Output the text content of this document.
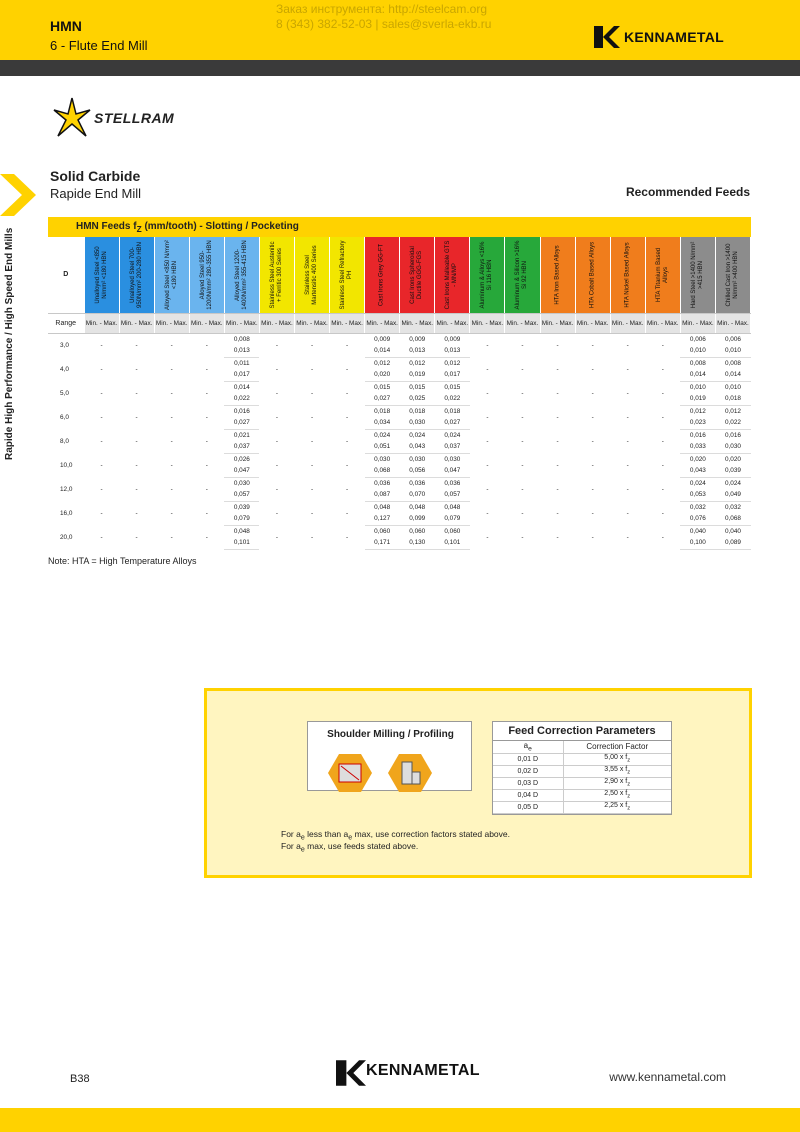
HMN
6 - Flute End Mill
Заказ инструмента: http://steelcam.org
8 (343) 382-52-03 | sales@sverla-ekb.ru
KENNAMETAL
STELLRAM
Solid Carbide
Rapide End Mill	Recommended Feeds
Rapide High Performance / High Speed End Mills
HMN Feeds $f_Z$ (mm/tooth) - Slotting / Pocketing																			
D	Unalloyed Steel <850 N/mm² <180 HBN	Unalloyed Steel 700-950N/mm² 200-280 HBN	Alloyed Steel <850 N/mm² <180 HBN	Alloyed Steel 950-1200N/mm² 280-355 HBN	Alloyed Steel 1200-1400N/mm² 355-415 HBN	Stainless Steel Austenitic + Ferritic 300 Series	Stainless Steel Martensitic 400 Series	Stainless Steel Refractory PH	Cast Irons Grey GG-FT	Cast Irons Spheroidal Ductile GGG-FGS	Cast Irons Malleable GTS - MN/MP	Aluminum & Alloys <16% Si 116 HBN	Aluminum & Silicon >16% Si 92 HBN	HTA Iron Based Alloys	HTA Cobalt Based Alloys	HTA Nickel Based Alloys	HTA Titanium Based Alloys	Hard Steel >1400 N/mm² >415 HBN	Chilled Cast Iron >1400 N/mm² >400 HBN

Range	Min. - Max.	Min. - Max.	Min. - Max.	Min. - Max.	Min. - Max.	Min. - Max.	Min. - Max.	Min. - Max.	Min. - Max.	Min. - Max.	Min. - Max.	Min. - Max.	Min. - Max.	Min. - Max.	Min. - Max.	Min. - Max.	Min. - Max.	Min. - Max.	Min. - Max.
3,0	-	-	-	-	0,008	-	-	-	0,009	0,009	0,009	-	-	-	-	-	-	0,006	0,006
					0,013				0,014	0,013	0,013							0,010	0,010
4,0	-	-	-	-	0,011	-	-	-	0,012	0,012	0,012	-	-	-	-	-	-	0,008	0,008
					0,017				0,020	0,019	0,017							0,014	0,014
5,0	-	-	-	-	0,014	-	-	-	0,015	0,015	0,015	-	-	-	-	-	-	0,010	0,010
					0,022				0,027	0,025	0,022							0,019	0,018
6,0	-	-	-	-	0,016	-	-	-	0,018	0,018	0,018	-	-	-	-	-	-	0,012	0,012
					0,027				0,034	0,030	0,027							0,023	0,022
8,0	-	-	-	-	0,021	-	-	-	0,024	0,024	0,024	-	-	-	-	-	-	0,016	0,016
					0,037				0,051	0,043	0,037							0,033	0,030
10,0	-	-	-	-	0,026	-	-	-	0,030	0,030	0,030	-	-	-	-	-	-	0,020	0,020
					0,047				0,068	0,056	0,047							0,043	0,039
12,0	-	-	-	-	0,030	-	-	-	0,036	0,036	0,036	-	-	-	-	-	-	0,024	0,024
					0,057				0,087	0,070	0,057							0,053	0,049
16,0	-	-	-	-	0,039	-	-	-	0,048	0,048	0,048	-	-	-	-	-	-	0,032	0,032
					0,079				0,127	0,099	0,079							0,076	0,068
20,0	-	-	-	-	0,048	-	-	-	0,060	0,060	0,060	-	-	-	-	-	-	0,040	0,040
					0,101				0,171	0,130	0,101							0,100	0,089
Note: HTA = High Temperature Alloys
Shoulder Milling / Profiling	Feed Correction Parameters
$a_e$	Correction Factor
0,01 D	5,00 x $f_z$
0,02 D	3,55 x $f_z$
0,03 D	2,90 x $f_z$
0,04 D	2,50 x $f_z$
0,05 D	2,25 x $f_z$
For $a_e$ less than $a_e$ max, use correction factors stated above.
For $a_e$ max, use feeds stated above.
B38	KENNAMETAL	www.kennametal.com
